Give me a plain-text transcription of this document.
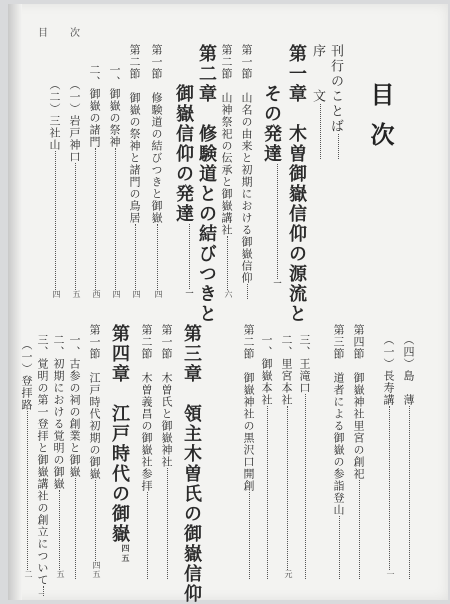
目　次
目次
刊行のことば
序　　文
第一章　木曽御嶽信仰の源流と
その発達
一
第一節　山名の由来と初期における御嶽信仰
第二節　山神祭祀の伝承と御嶽講社
六
第二章　修験道との結びつきと
御嶽信仰の発達
一
第一節　修験道の結びつきと御嶽
四
第二節　御嶽の祭神と諸門の鳥居
四
一、御嶽の祭神
四
二、御嶽の諸門
西
（一）岩戸神口
五
（二）三社山
四
第三章　領主木曽氏の御嶽信仰
第一節　木曽氏と御嶽神社
第二節　木曽義昌の御嶽社参拝
第四章　江戸時代の御嶽
四五
第一節　江戸時代初期の御嶽
四五
一、古参の祠の創業と御嶽
二、初期における覚明の御嶽
五
三、覚明の第一登拝と御嶽講社の創立について
（一）登拝路
二
第二節　御嶽神社の黒沢口開創 一、御嶽本社 二、里宮本社
元
三、王滝口 第三節　道者による御嶽の参詣登山 第四節　御嶽神社里宮の創祀 （一）長寿講
一
（四）島　薄
ー
